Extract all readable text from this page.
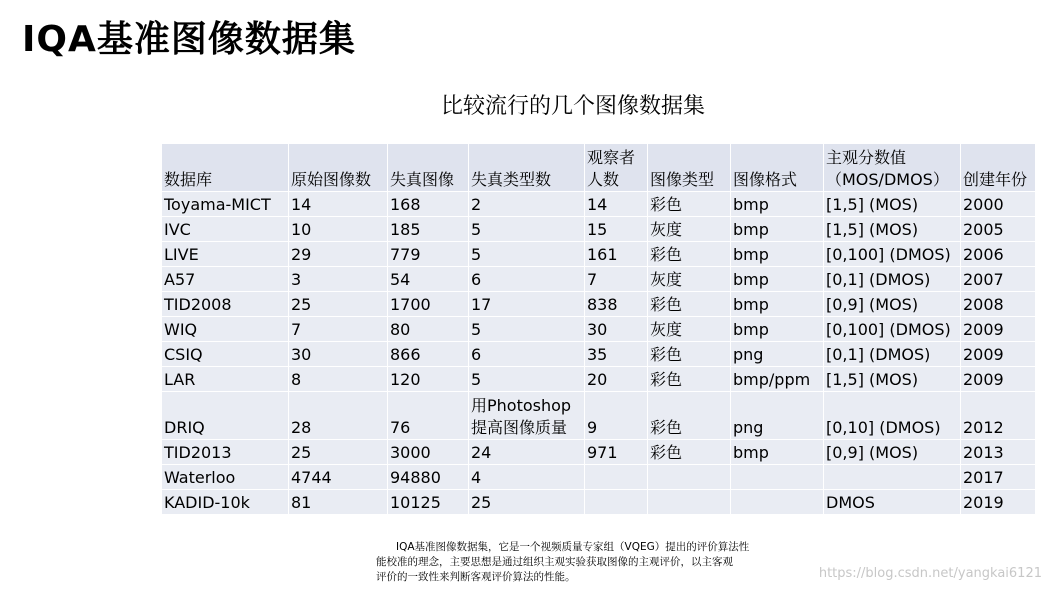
IQA基准图像数据集
比较流行的几个图像数据集
数据库	原始图像数	失真图像	失真类型数	观察者人数	图像类型	图像格式	主观分数值（MOS/DMOS）	创建年份
Toyama-MICT	14	168	2	14	彩色	bmp	[1,5] (MOS)	2000
IVC	10	185	5	15	灰度	bmp	[1,5] (MOS)	2005
LIVE	29	779	5	161	彩色	bmp	[0,100] (DMOS)	2006
A57	3	54	6	7	灰度	bmp	[0,1] (DMOS)	2007
TID2008	25	1700	17	838	彩色	bmp	[0,9] (MOS)	2008
WIQ	7	80	5	30	灰度	bmp	[0,100] (DMOS)	2009
CSIQ	30	866	6	35	彩色	png	[0,1] (DMOS)	2009
LAR	8	120	5	20	彩色	bmp/ppm	[1,5] (MOS)	2009
DRIQ	28	76	用Photoshop提高图像质量	9	彩色	png	[0,10] (DMOS)	2012
TID2013	25	3000	24	971	彩色	bmp	[0,9] (MOS)	2013
Waterloo	4744	94880	4					2017
KADID-10k	81	10125	25				DMOS	2019
IQA基准图像数据集，它是一个视频质量专家组（VQEG）提出的评价算法性
能校准的理念，主要思想是通过组织主观实验获取图像的主观评价，以主客观
评价的一致性来判断客观评价算法的性能。	https://blog.csdn.net/yangkai6121
